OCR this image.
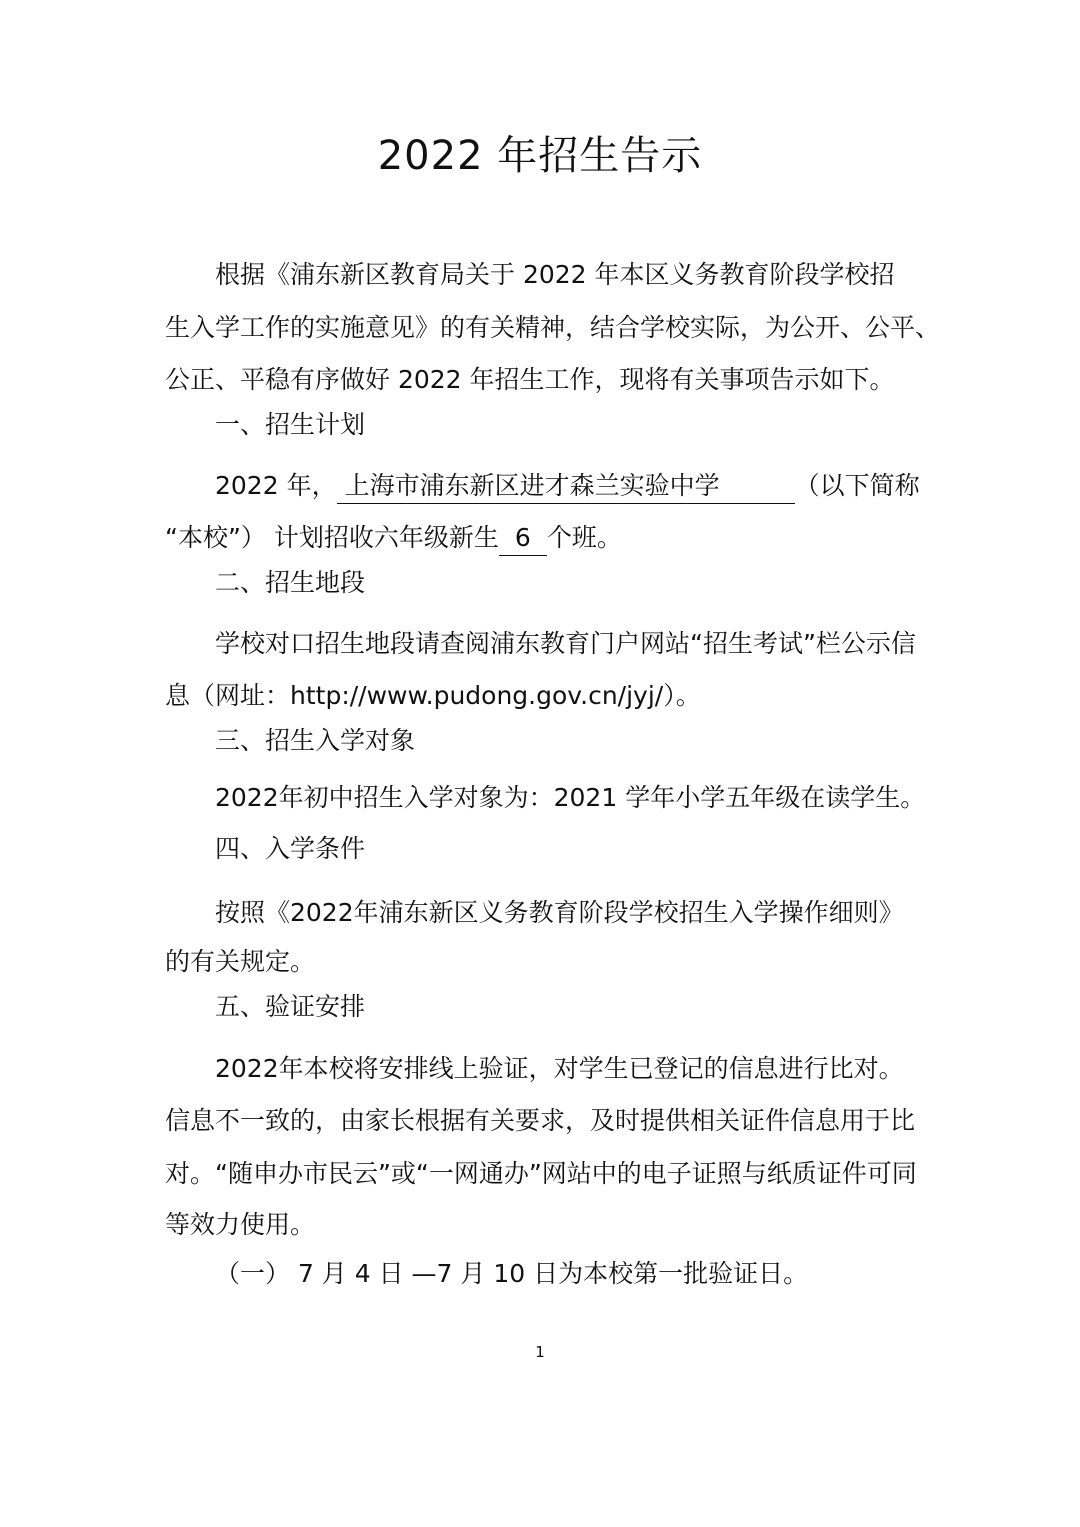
2022 年招生告示
根据《浦东新区教育局关于 2022 年本区义务教育阶段学校招
生入学工作的实施意见》的有关精神，结合学校实际，为公开、公平、
公正、平稳有序做好 2022 年招生工作，现将有关事项告示如下。
一、招生计划
2022 年， 上海市浦东新区进才森兰实验中学	（以下简称
“本校”） 计划招收六年级新生 6 个班。
二、招生地段
学校对口招生地段请查阅浦东教育门户网站“招生考试”栏公示信
息（网址：http://www.pudong.gov.cn/jyj/）。
三、招生入学对象
2022年初中招生入学对象为：2021 学年小学五年级在读学生。
四、入学条件
按照《2022年浦东新区义务教育阶段学校招生入学操作细则》
的有关规定。
五、验证安排
2022年本校将安排线上验证，对学生已登记的信息进行比对。
信息不一致的，由家长根据有关要求，及时提供相关证件信息用于比
对。“随申办市民云”或“一网通办”网站中的电子证照与纸质证件可同
等效力使用。
（一） 7 月 4 日 —7 月 10 日为本校第一批验证日。
1
